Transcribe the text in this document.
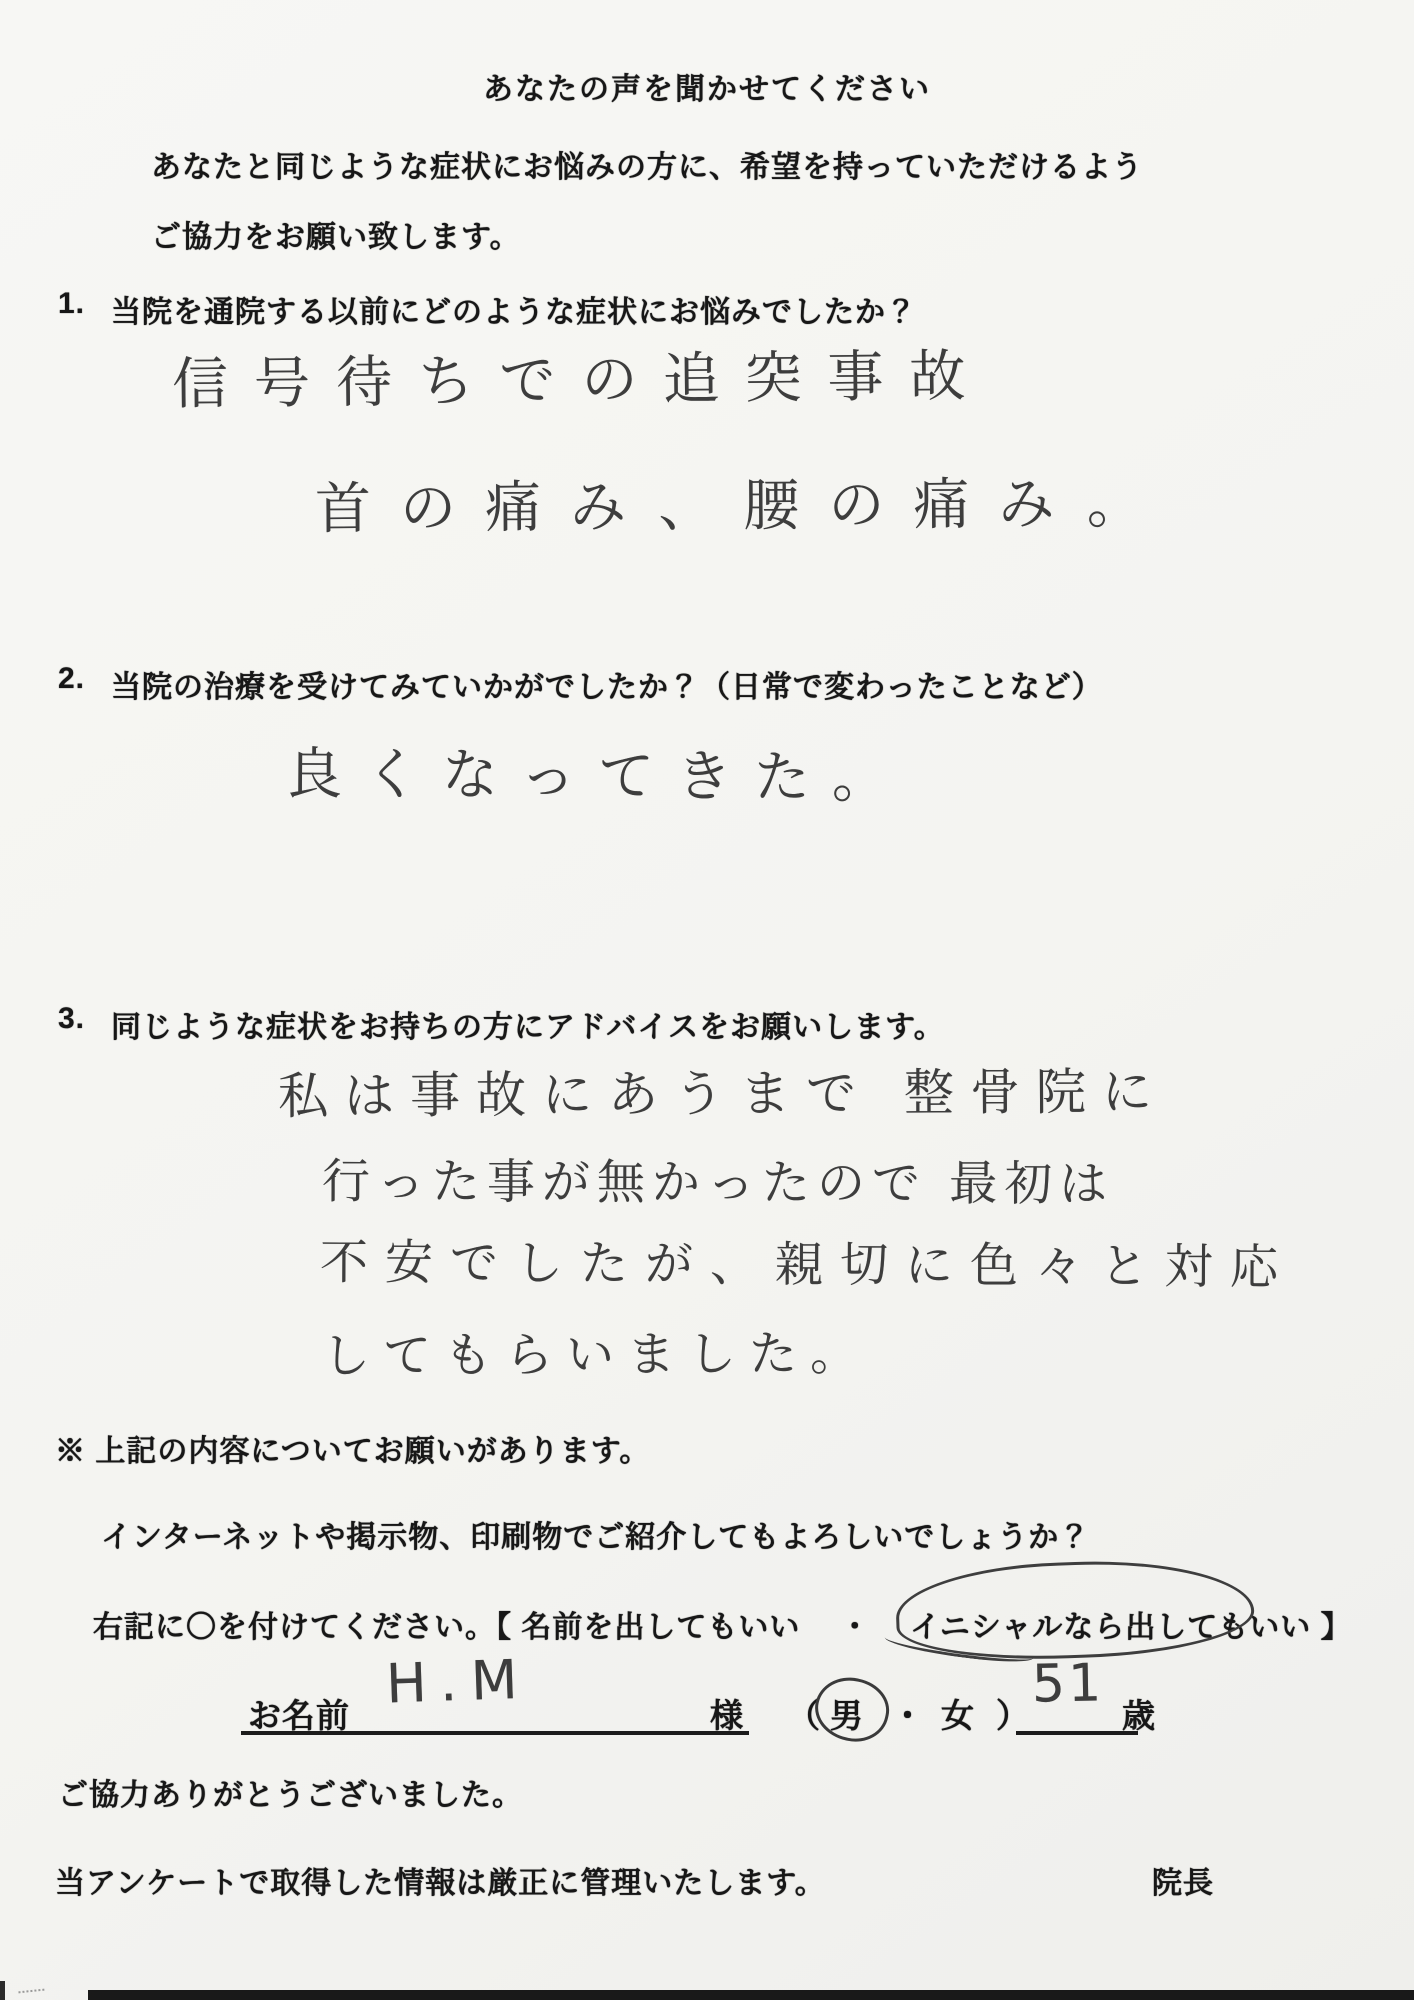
あなたの声を聞かせてください
あなたと同じような症状にお悩みの方に、希望を持っていただけるよう
ご協力をお願い致します。
1. 当院を通院する以前にどのような症状にお悩みでしたか？
信号待ちでの追突事故
首の痛み、腰の痛み。
2. 当院の治療を受けてみていかがでしたか？（日常で変わったことなど）
良くなってきた。
3. 同じような症状をお持ちの方にアドバイスをお願いします。
私は事故にあうまで 整骨院に
行った事が無かったので 最初は
不安でしたが、親切に色々と対応
してもらいました。
※ 上記の内容についてお願いがあります。
インターネットや掲示物、印刷物でご紹介してもよろしいでしょうか？
右記に〇を付けてください。【 名前を出してもいい ・ イニシャルなら出してもいい 】
お名前 H.M	様 （ 男 ・ 女 ）
51
歳
ご協力ありがとうございました。
当アンケートで取得した情報は厳正に管理いたします。	院長
